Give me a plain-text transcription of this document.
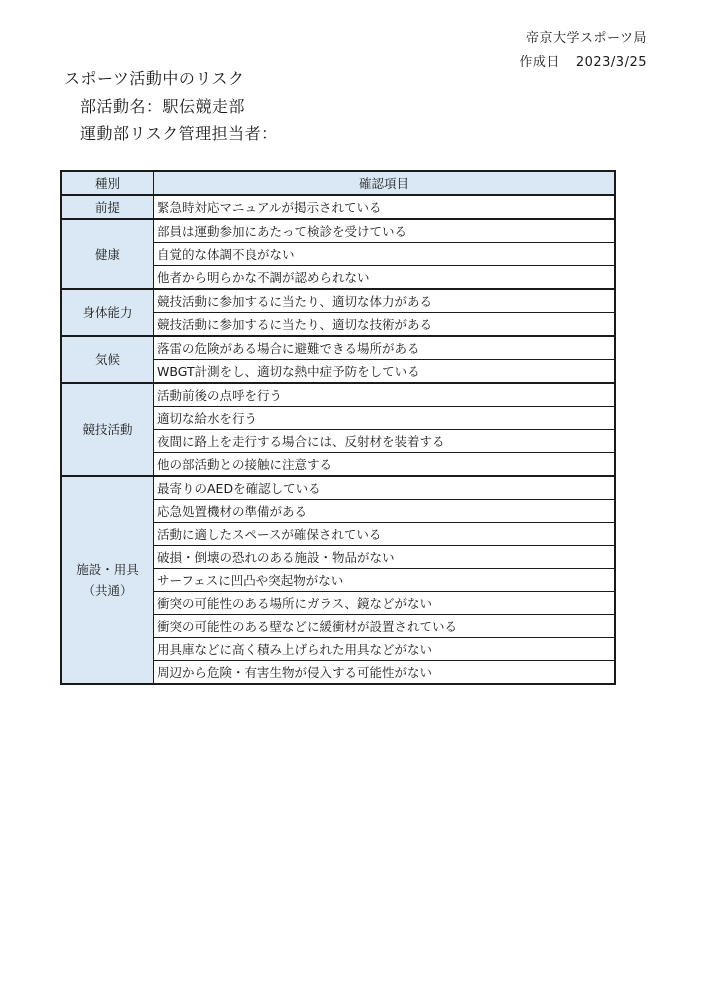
帝京大学スポーツ局
作成日 2023/3/25
スポーツ活動中のリスク
部活動名：駅伝競走部
運動部リスク管理担当者：
種別	確認項目

前提	緊急時対応マニュアルが掲示されている

健康	部員は運動参加にあたって検診を受けている
	自覚的な体調不良がない
	他者から明らかな不調が認められない

身体能力	競技活動に参加するに当たり、適切な体力がある
	競技活動に参加するに当たり、適切な技術がある

気候	落雷の危険がある場合に避難できる場所がある
	WBGT計測をし、適切な熱中症予防をしている

競技活動	活動前後の点呼を行う
	適切な給水を行う
	夜間に路上を走行する場合には、反射材を装着する
	他の部活動との接触に注意する

施設・用具
（共通）	最寄りのAEDを確認している
	応急処置機材の準備がある
	活動に適したスペースが確保されている
	破損・倒壊の恐れのある施設・物品がない
	サーフェスに凹凸や突起物がない
	衝突の可能性のある場所にガラス、鏡などがない
	衝突の可能性のある壁などに緩衝材が設置されている
	用具庫などに高く積み上げられた用具などがない
	周辺から危険・有害生物が侵入する可能性がない
